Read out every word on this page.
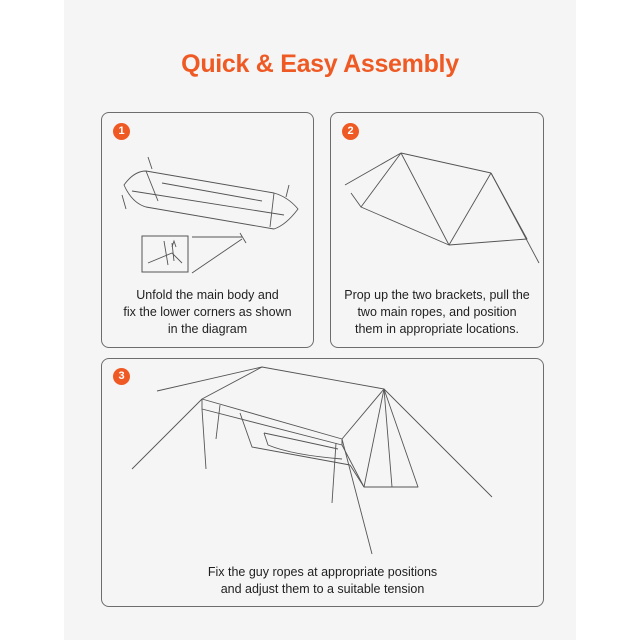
Quick & Easy Assembly
1
Unfold the main body and
fix the lower corners as shown
in the diagram
2
Prop up the two brackets, pull the
two main ropes, and position
them in appropriate locations.
3
Fix the guy ropes at appropriate positions
and adjust them to a suitable tension
